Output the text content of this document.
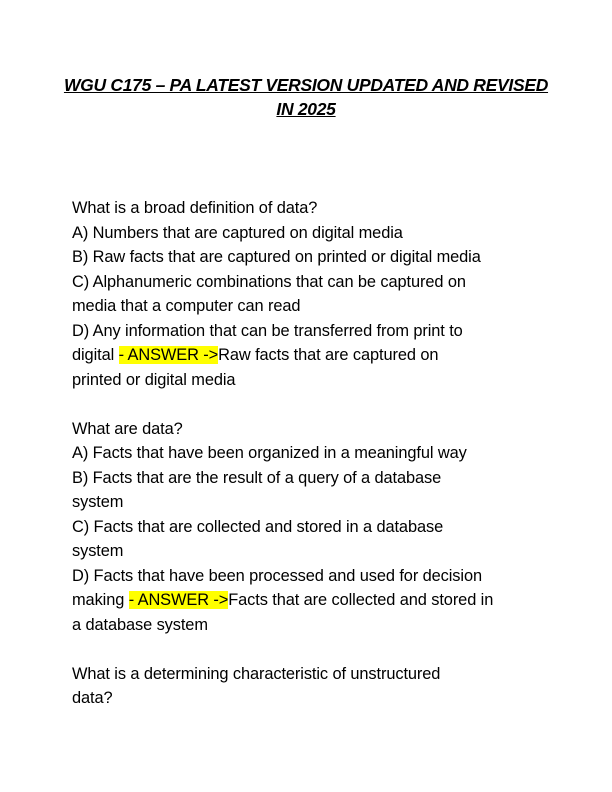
WGU C175 – PA LATEST VERSION UPDATED AND REVISED
IN 2025
What is a broad definition of data?
A) Numbers that are captured on digital media
B) Raw facts that are captured on printed or digital media
C) Alphanumeric combinations that can be captured on
media that a computer can read
D) Any information that can be transferred from print to
digital - ANSWER ->Raw facts that are captured on
printed or digital media
What are data?
A) Facts that have been organized in a meaningful way
B) Facts that are the result of a query of a database
system
C) Facts that are collected and stored in a database
system
D) Facts that have been processed and used for decision
making - ANSWER ->Facts that are collected and stored in
a database system
What is a determining characteristic of unstructured
data?
